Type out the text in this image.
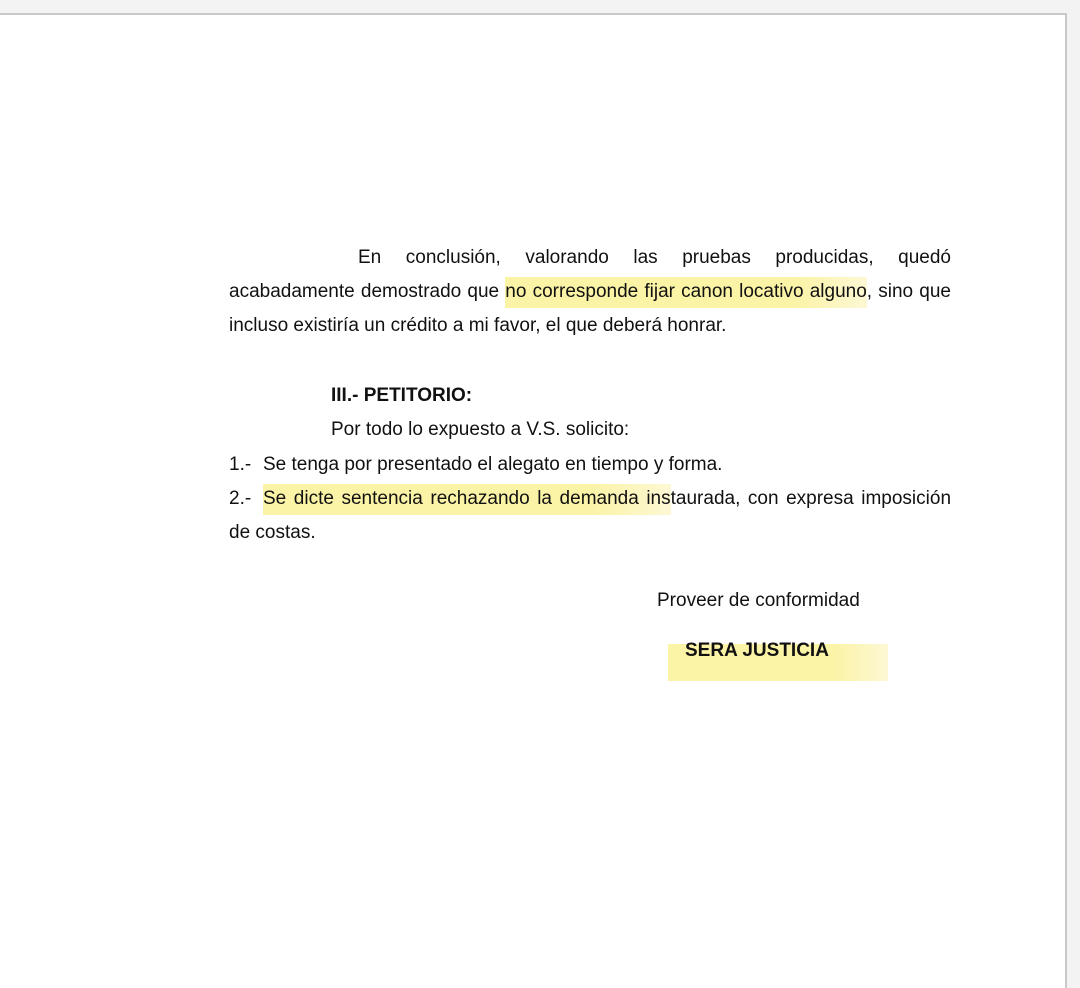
En conclusión, valorando las pruebas producidas, quedó acabadamente demostrado que no corresponde fijar canon locativo alguno, sino que incluso existiría un crédito a mi favor, el que deberá honrar.

III.- PETITORIO:
Por todo lo expuesto a V.S. solicito:
1.- Se tenga por presentado el alegato en tiempo y forma.
2.- Se dicte sentencia rechazando la demanda instaurada, con expresa imposición de costas.
Proveer de conformidad
SERA JUSTICIA
